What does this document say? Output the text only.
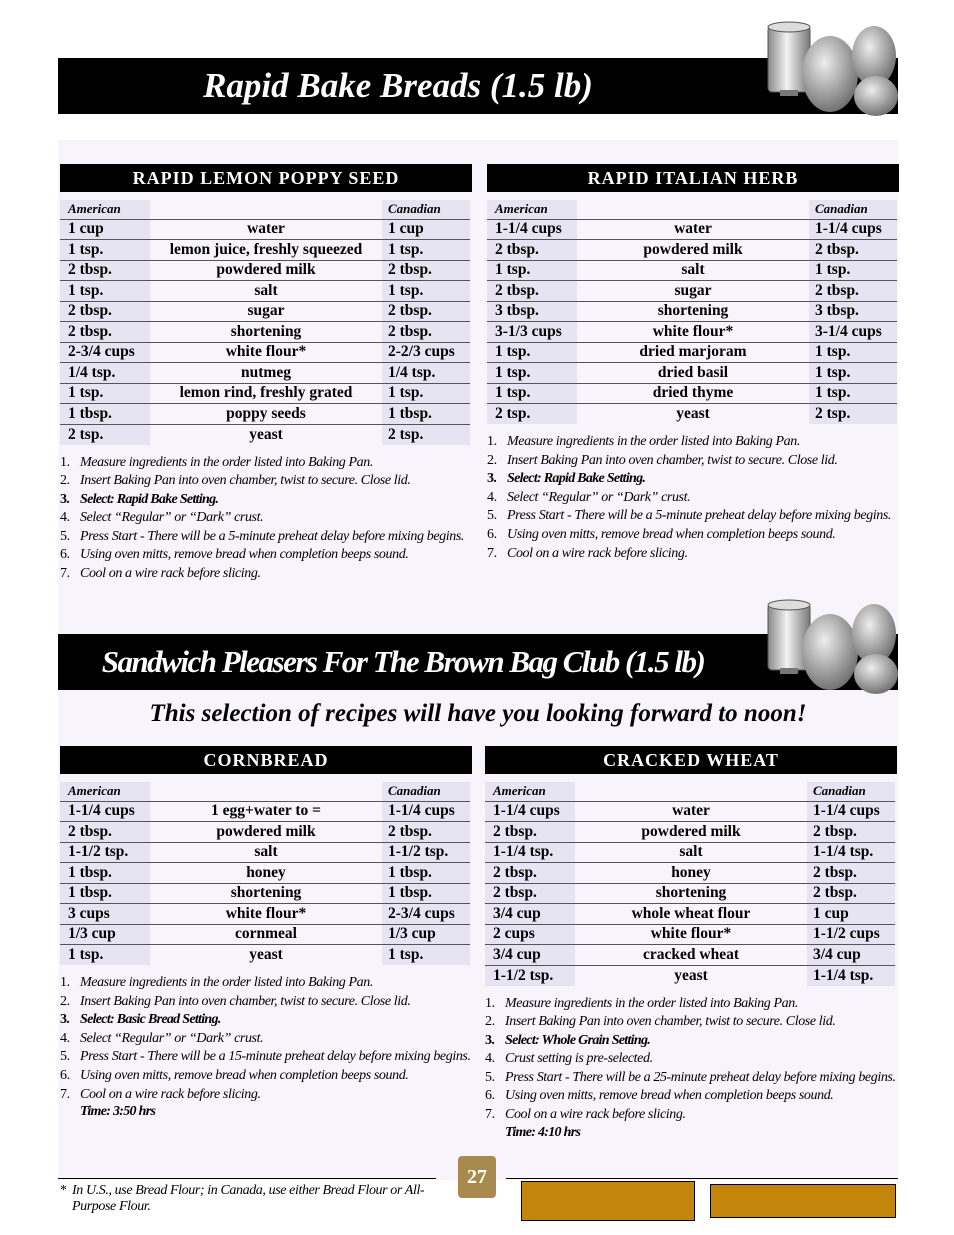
Rapid Bake Breads (1.5 lb)
RAPID LEMON POPPY SEED
American		Canadian
1 cup	water	1 cup
1 tsp.	lemon juice, freshly squeezed	1 tsp.
2 tbsp.	powdered milk	2 tbsp.
1 tsp.	salt	1 tsp.
2 tbsp.	sugar	2 tbsp.
2 tbsp.	shortening	2 tbsp.
2-3/4 cups	white flour*	2-2/3 cups
1/4 tsp.	nutmeg	1/4 tsp.
1 tsp.	lemon rind, freshly grated	1 tsp.
1 tbsp.	poppy seeds	1 tbsp.
2 tsp.	yeast	2 tsp.
1. Measure ingredients in the order listed into Baking Pan.
2. Insert Baking Pan into oven chamber, twist to secure. Close lid.
3. Select: Rapid Bake Setting.
4. Select “Regular” or “Dark” crust.
5. Press Start - There will be a 5-minute preheat delay before mixing begins.
6. Using oven mitts, remove bread when completion beeps sound.
7. Cool on a wire rack before slicing.
RAPID ITALIAN HERB
American		Canadian
1-1/4 cups	water	1-1/4 cups
2 tbsp.	powdered milk	2 tbsp.
1 tsp.	salt	1 tsp.
2 tbsp.	sugar	2 tbsp.
3 tbsp.	shortening	3 tbsp.
3-1/3 cups	white flour*	3-1/4 cups
1 tsp.	dried marjoram	1 tsp.
1 tsp.	dried basil	1 tsp.
1 tsp.	dried thyme	1 tsp.
2 tsp.	yeast	2 tsp.
1. Measure ingredients in the order listed into Baking Pan.
2. Insert Baking Pan into oven chamber, twist to secure. Close lid.
3. Select: Rapid Bake Setting.
4. Select “Regular” or “Dark” crust.
5. Press Start - There will be a 5-minute preheat delay before mixing begins.
6. Using oven mitts, remove bread when completion beeps sound.
7. Cool on a wire rack before slicing.
Sandwich Pleasers For The Brown Bag Club (1.5 lb)
This selection of recipes will have you looking forward to noon!
CORNBREAD
American		Canadian
1-1/4 cups	1 egg+water to =	1-1/4 cups
2 tbsp.	powdered milk	2 tbsp.
1-1/2 tsp.	salt	1-1/2 tsp.
1 tbsp.	honey	1 tbsp.
1 tbsp.	shortening	1 tbsp.
3 cups	white flour*	2-3/4 cups
1/3 cup	cornmeal	1/3 cup
1 tsp.	yeast	1 tsp.
1. Measure ingredients in the order listed into Baking Pan.
2. Insert Baking Pan into oven chamber, twist to secure. Close lid.
3. Select: Basic Bread Setting.
4. Select “Regular” or “Dark” crust.
5. Press Start - There will be a 15-minute preheat delay before mixing begins.
6. Using oven mitts, remove bread when completion beeps sound.
7. Cool on a wire rack before slicing.
Time: 3:50 hrs
CRACKED WHEAT
American		Canadian
1-1/4 cups	water	1-1/4 cups
2 tbsp.	powdered milk	2 tbsp.
1-1/4 tsp.	salt	1-1/4 tsp.
2 tbsp.	honey	2 tbsp.
2 tbsp.	shortening	2 tbsp.
3/4 cup	whole wheat flour	1 cup
2 cups	white flour*	1-1/2 cups
3/4 cup	cracked wheat	3/4 cup
1-1/2 tsp.	yeast	1-1/4 tsp.
1. Measure ingredients in the order listed into Baking Pan.
2. Insert Baking Pan into oven chamber, twist to secure. Close lid.
3. Select: Whole Grain Setting.
4. Crust setting is pre-selected.
5. Press Start - There will be a 25-minute preheat delay before mixing begins.
6. Using oven mitts, remove bread when completion beeps sound.
7. Cool on a wire rack before slicing.
Time: 4:10 hrs
* In U.S., use Bread Flour; in Canada, use either Bread Flour or All-Purpose Flour.
27
